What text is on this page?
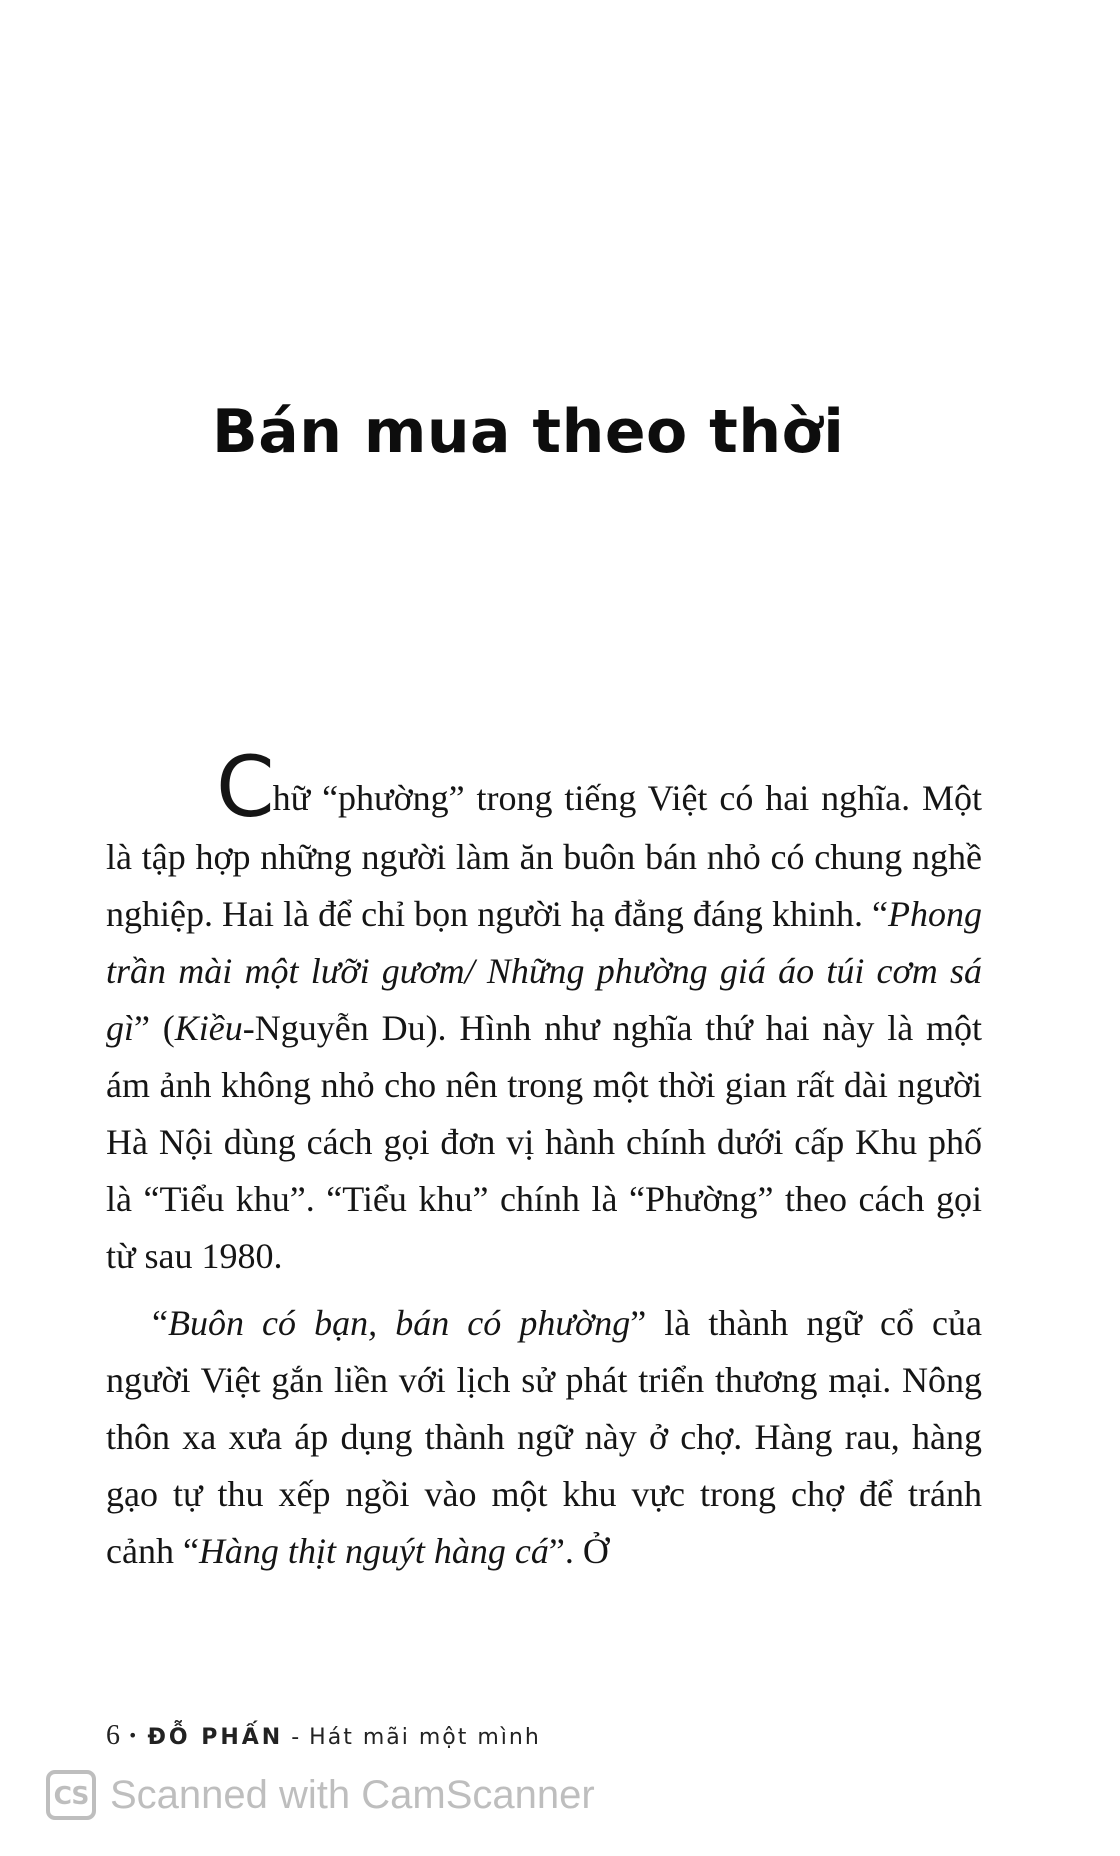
Bán mua theo thời

Chữ “phường” trong tiếng Việt có hai nghĩa. Một là tập hợp những người làm ăn buôn bán nhỏ có chung nghề nghiệp. Hai là để chỉ bọn người hạ đẳng đáng khinh. “Phong trần mài một lưỡi gươm/ Những phường giá áo túi cơm sá gì” (Kiều-Nguyễn Du). Hình như nghĩa thứ hai này là một ám ảnh không nhỏ cho nên trong một thời gian rất dài người Hà Nội dùng cách gọi đơn vị hành chính dưới cấp Khu phố là “Tiểu khu”. “Tiểu khu” chính là “Phường” theo cách gọi từ sau 1980.

“Buôn có bạn, bán có phường” là thành ngữ cổ của người Việt gắn liền với lịch sử phát triển thương mại. Nông thôn xa xưa áp dụng thành ngữ này ở chợ. Hàng rau, hàng gạo tự thu xếp ngồi vào một khu vực trong chợ để tránh cảnh “Hàng thịt nguýt hàng cá”. Ở

6 • ĐỖ PHẤN - Hát mãi một mình
CS Scanned with CamScanner
